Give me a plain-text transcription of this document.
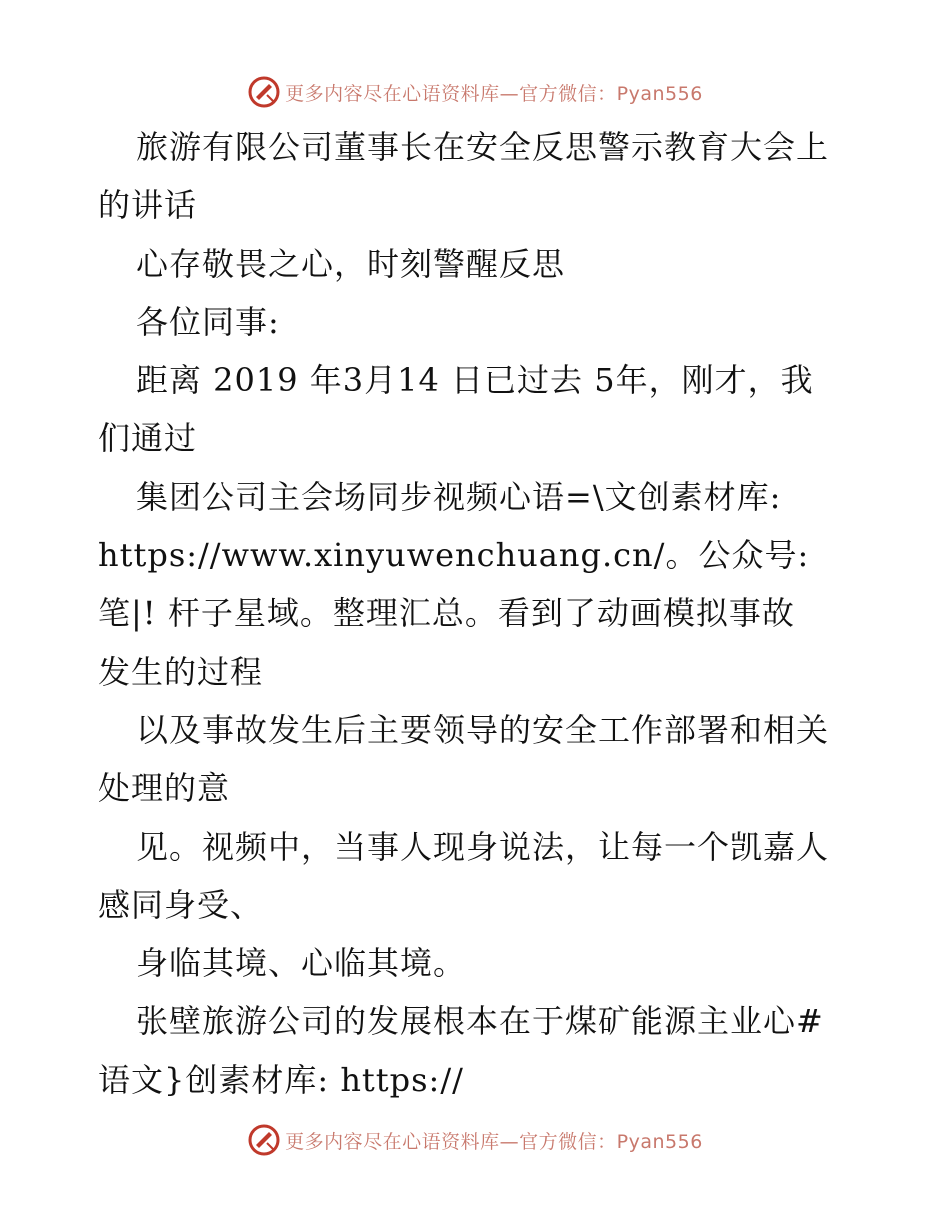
更多内容尽在心语资料库—官方微信：Pyan556
旅游有限公司董事长在安全反思警示教育大会上
的讲话
心存敬畏之心，时刻警醒反思
各位同事:
距离 2019 年3月14 日已过去 5年，刚才，我
们通过
集团公司主会场同步视频心语=\文创素材库:
https://www.xinyuwenchuang.cn/。公众号:
笔|! 杆子星域。整理汇总。看到了动画模拟事故
发生的过程
以及事故发生后主要领导的安全工作部署和相关
处理的意
见。视频中，当事人现身说法，让每一个凯嘉人
感同身受、
身临其境、心临其境。
张壁旅游公司的发展根本在于煤矿能源主业心#
语文}创素材库: https://
更多内容尽在心语资料库—官方微信：Pyan556
